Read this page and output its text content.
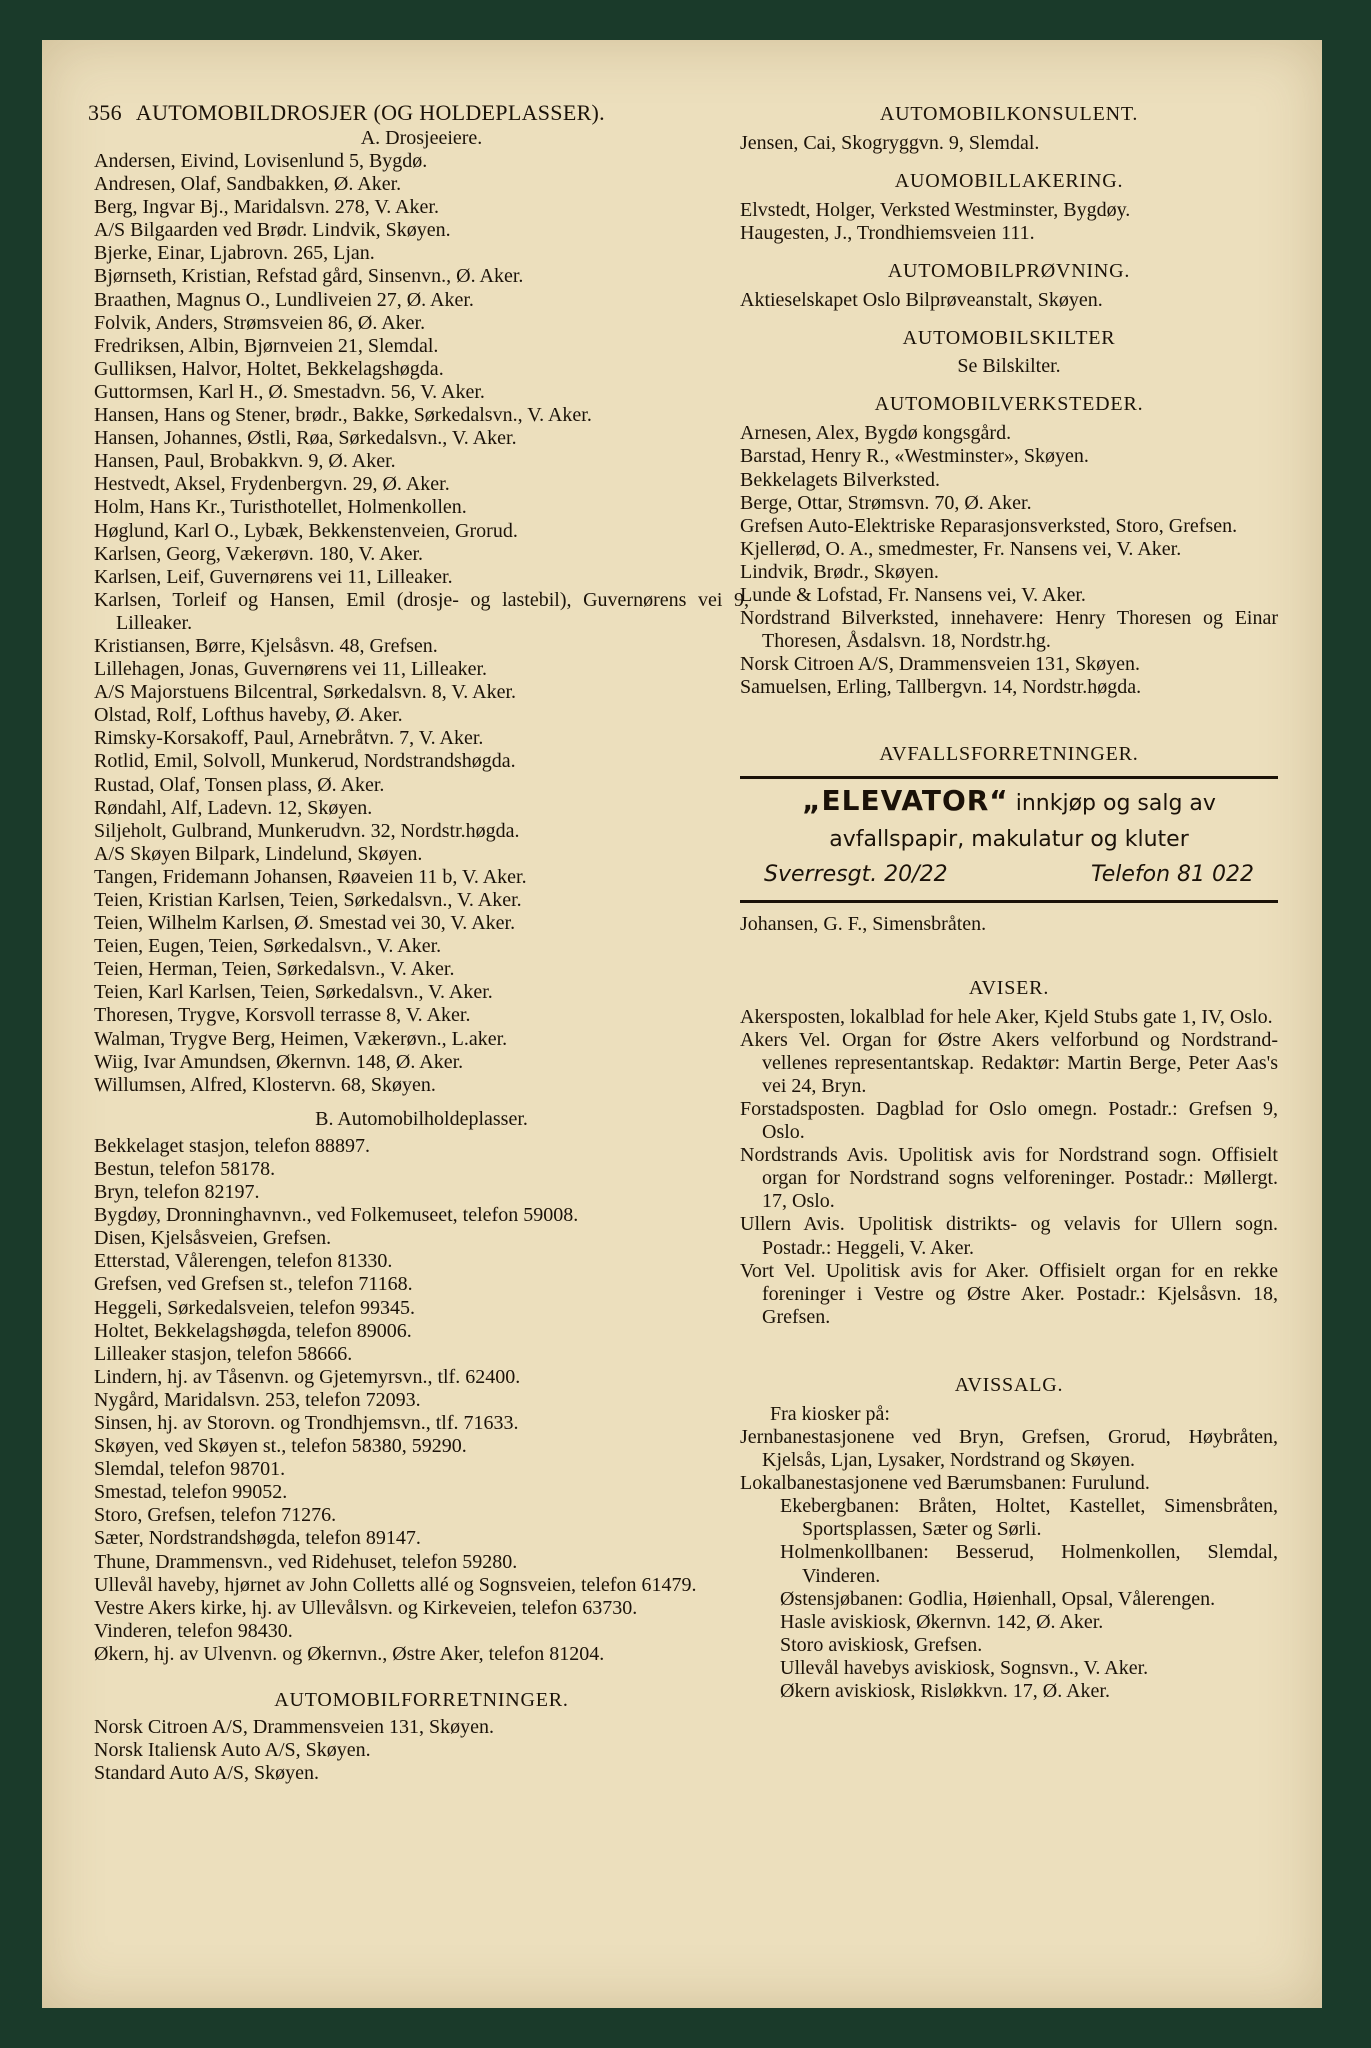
356 AUTOMOBILDROSJER (OG HOLDEPLASSER).

A. Drosjeeiere.

Andersen, Eivind, Lovisenlund 5, Bygdø.

Andresen, Olaf, Sandbakken, Ø. Aker.

Berg, Ingvar Bj., Maridalsvn. 278, V. Aker.

A/S Bilgaarden ved Brødr. Lindvik, Skøyen.

Bjerke, Einar, Ljabrovn. 265, Ljan.

Bjørnseth, Kristian, Refstad gård, Sinsenvn., Ø. Aker.

Braathen, Magnus O., Lundliveien 27, Ø. Aker.

Folvik, Anders, Strømsveien 86, Ø. Aker.

Fredriksen, Albin, Bjørnveien 21, Slemdal.

Gulliksen, Halvor, Holtet, Bekkelagshøgda.

Guttormsen, Karl H., Ø. Smestadvn. 56, V. Aker.

Hansen, Hans og Stener, brødr., Bakke, Sørkedalsvn., V. Aker.

Hansen, Johannes, Østli, Røa, Sørkedalsvn., V. Aker.

Hansen, Paul, Brobakkvn. 9, Ø. Aker.

Hestvedt, Aksel, Frydenbergvn. 29, Ø. Aker.

Holm, Hans Kr., Turisthotellet, Holmenkollen.

Høglund, Karl O., Lybæk, Bekkenstenveien, Grorud.

Karlsen, Georg, Vækerøvn. 180, V. Aker.

Karlsen, Leif, Guvernørens vei 11, Lilleaker.

Karlsen, Torleif og Hansen, Emil (drosje- og lastebil), Guvernørens vei 9, Lilleaker.

Kristiansen, Børre, Kjelsåsvn. 48, Grefsen.

Lillehagen, Jonas, Guvernørens vei 11, Lilleaker.

A/S Majorstuens Bilcentral, Sørkedalsvn. 8, V. Aker.

Olstad, Rolf, Lofthus haveby, Ø. Aker.

Rimsky-Korsakoff, Paul, Arnebråtvn. 7, V. Aker.

Rotlid, Emil, Solvoll, Munkerud, Nordstrandshøgda.

Rustad, Olaf, Tonsen plass, Ø. Aker.

Røndahl, Alf, Ladevn. 12, Skøyen.

Siljeholt, Gulbrand, Munkerudvn. 32, Nordstr.høgda.

A/S Skøyen Bilpark, Lindelund, Skøyen.

Tangen, Fridemann Johansen, Røaveien 11 b, V. Aker.

Teien, Kristian Karlsen, Teien, Sørkedalsvn., V. Aker.

Teien, Wilhelm Karlsen, Ø. Smestad vei 30, V. Aker.

Teien, Eugen, Teien, Sørkedalsvn., V. Aker.

Teien, Herman, Teien, Sørkedalsvn., V. Aker.

Teien, Karl Karlsen, Teien, Sørkedalsvn., V. Aker.

Thoresen, Trygve, Korsvoll terrasse 8, V. Aker.

Walman, Trygve Berg, Heimen, Vækerøvn., L.aker.

Wiig, Ivar Amundsen, Økernvn. 148, Ø. Aker.

Willumsen, Alfred, Klostervn. 68, Skøyen.

B. Automobilholdeplasser.

Bekkelaget stasjon, telefon 88897.

Bestun, telefon 58178.

Bryn, telefon 82197.

Bygdøy, Dronninghavnvn., ved Folkemuseet, telefon 59008.

Disen, Kjelsåsveien, Grefsen.

Etterstad, Vålerengen, telefon 81330.

Grefsen, ved Grefsen st., telefon 71168.

Heggeli, Sørkedalsveien, telefon 99345.

Holtet, Bekkelagshøgda, telefon 89006.

Lilleaker stasjon, telefon 58666.

Lindern, hj. av Tåsenvn. og Gjetemyrsvn., tlf. 62400.

Nygård, Maridalsvn. 253, telefon 72093.

Sinsen, hj. av Storovn. og Trondhjemsvn., tlf. 71633.

Skøyen, ved Skøyen st., telefon 58380, 59290.

Slemdal, telefon 98701.

Smestad, telefon 99052.

Storo, Grefsen, telefon 71276.

Sæter, Nordstrandshøgda, telefon 89147.

Thune, Drammensvn., ved Ridehuset, telefon 59280.

Ullevål haveby, hjørnet av John Colletts allé og Sognsveien, telefon 61479.

Vestre Akers kirke, hj. av Ullevålsvn. og Kirkeveien, telefon 63730.

Vinderen, telefon 98430.

Økern, hj. av Ulvenvn. og Økernvn., Østre Aker, telefon 81204.

AUTOMOBILFORRETNINGER.

Norsk Citroen A/S, Drammensveien 131, Skøyen.

Norsk Italiensk Auto A/S, Skøyen.

Standard Auto A/S, Skøyen.

AUTOMOBILKONSULENT.

Jensen, Cai, Skogryggvn. 9, Slemdal.

AUOMOBILLAKERING.

Elvstedt, Holger, Verksted Westminster, Bygdøy.

Haugesten, J., Trondhiemsveien 111.

AUTOMOBILPRØVNING.

Aktieselskapet Oslo Bilprøveanstalt, Skøyen.

AUTOMOBILSKILTER

Se Bilskilter.

AUTOMOBILVERKSTEDER.

Arnesen, Alex, Bygdø kongsgård.

Barstad, Henry R., «Westminster», Skøyen.

Bekkelagets Bilverksted.

Berge, Ottar, Strømsvn. 70, Ø. Aker.

Grefsen Auto-Elektriske Reparasjonsverksted, Storo, Grefsen.

Kjellerød, O. A., smedmester, Fr. Nansens vei, V. Aker.

Lindvik, Brødr., Skøyen.

Lunde & Lofstad, Fr. Nansens vei, V. Aker.

Nordstrand Bilverksted, innehavere: Henry Thoresen og Einar Thoresen, Åsdalsvn. 18, Nordstr.hg.

Norsk Citroen A/S, Drammensveien 131, Skøyen.

Samuelsen, Erling, Tallbergvn. 14, Nordstr.høgda.

AVFALLSFORRETNINGER.

„ELEVATOR“ innkjøp og salg av
avfallspapir, makulatur og kluter
Sverresgt. 20/22	Telefon 81 022

Johansen, G. F., Simensbråten.

AVISER.

Akersposten, lokalblad for hele Aker, Kjeld Stubs gate 1, IV, Oslo.

Akers Vel. Organ for Østre Akers velforbund og Nordstrand-vellenes representantskap. Redaktør: Martin Berge, Peter Aas's vei 24, Bryn.

Forstadsposten. Dagblad for Oslo omegn. Postadr.: Grefsen 9, Oslo.

Nordstrands Avis. Upolitisk avis for Nordstrand sogn. Offisielt organ for Nordstrand sogns velforeninger. Postadr.: Møllergt. 17, Oslo.

Ullern Avis. Upolitisk distrikts- og velavis for Ullern sogn. Postadr.: Heggeli, V. Aker.

Vort Vel. Upolitisk avis for Aker. Offisielt organ for en rekke foreninger i Vestre og Østre Aker. Postadr.: Kjelsåsvn. 18, Grefsen.

AVISSALG.

Fra kiosker på:

Jernbanestasjonene ved Bryn, Grefsen, Grorud, Høybråten, Kjelsås, Ljan, Lysaker, Nordstrand og Skøyen.

Lokalbanestasjonene ved Bærumsbanen: Furulund.

Ekebergbanen: Bråten, Holtet, Kastellet, Simensbråten, Sportsplassen, Sæter og Sørli.

Holmenkollbanen: Besserud, Holmenkollen, Slemdal, Vinderen.

Østensjøbanen: Godlia, Høienhall, Opsal, Vålerengen.

Hasle aviskiosk, Økernvn. 142, Ø. Aker.

Storo aviskiosk, Grefsen.

Ullevål havebys aviskiosk, Sognsvn., V. Aker.

Økern aviskiosk, Risløkkvn. 17, Ø. Aker.
